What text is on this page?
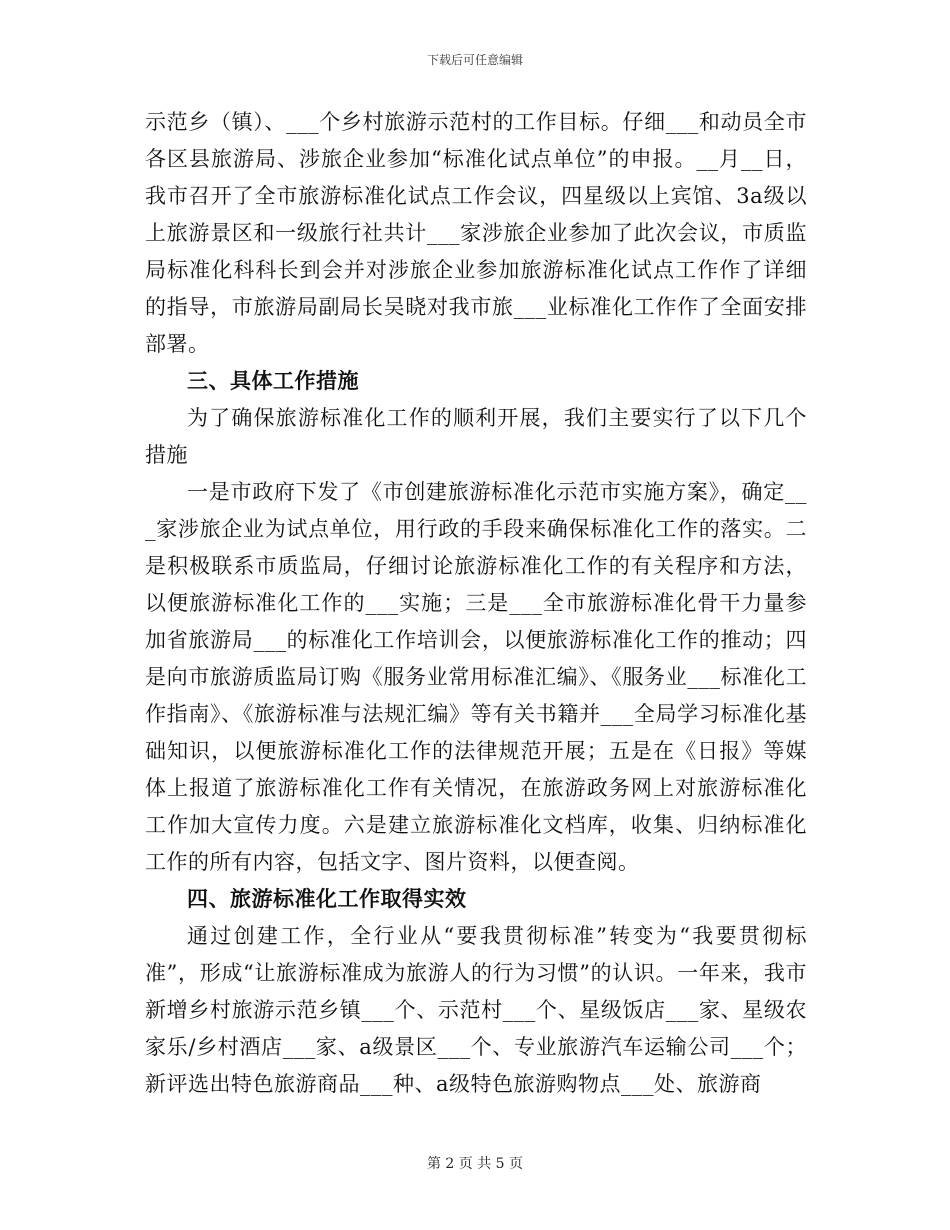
下载后可任意编辑

示范乡（镇）、___个乡村旅游示范村的工作目标。仔细___和动员全市各区县旅游局、涉旅企业参加“标准化试点单位”的申报。__月__日，我市召开了全市旅游标准化试点工作会议，四星级以上宾馆、3a级以上旅游景区和一级旅行社共计___家涉旅企业参加了此次会议，市质监局标准化科科长到会并对涉旅企业参加旅游标准化试点工作作了详细的指导，市旅游局副局长吴晓对我市旅___业标准化工作作了全面安排部署。

三、具体工作措施

为了确保旅游标准化工作的顺利开展，我们主要实行了以下几个措施

一是市政府下发了《市创建旅游标准化示范市实施方案》，确定___家涉旅企业为试点单位，用行政的手段来确保标准化工作的落实。二是积极联系市质监局，仔细讨论旅游标准化工作的有关程序和方法，以便旅游标准化工作的___实施；三是___全市旅游标准化骨干力量参加省旅游局___的标准化工作培训会，以便旅游标准化工作的推动；四是向市旅游质监局订购《服务业常用标准汇编》、《服务业___标准化工作指南》、《旅游标准与法规汇编》等有关书籍并___全局学习标准化基础知识，以便旅游标准化工作的法律规范开展；五是在《日报》等媒体上报道了旅游标准化工作有关情况，在旅游政务网上对旅游标准化工作加大宣传力度。六是建立旅游标准化文档库，收集、归纳标准化工作的所有内容，包括文字、图片资料，以便查阅。

四、旅游标准化工作取得实效

通过创建工作，全行业从“要我贯彻标准”转变为“我要贯彻标准”，形成“让旅游标准成为旅游人的行为习惯”的认识。一年来，我市新增乡村旅游示范乡镇___个、示范村___个、星级饭店___家、星级农家乐/乡村酒店___家、a级景区___个、专业旅游汽车运输公司___个；新评选出特色旅游商品___种、a级特色旅游购物点___处、旅游商

第 2 页 共 5 页
